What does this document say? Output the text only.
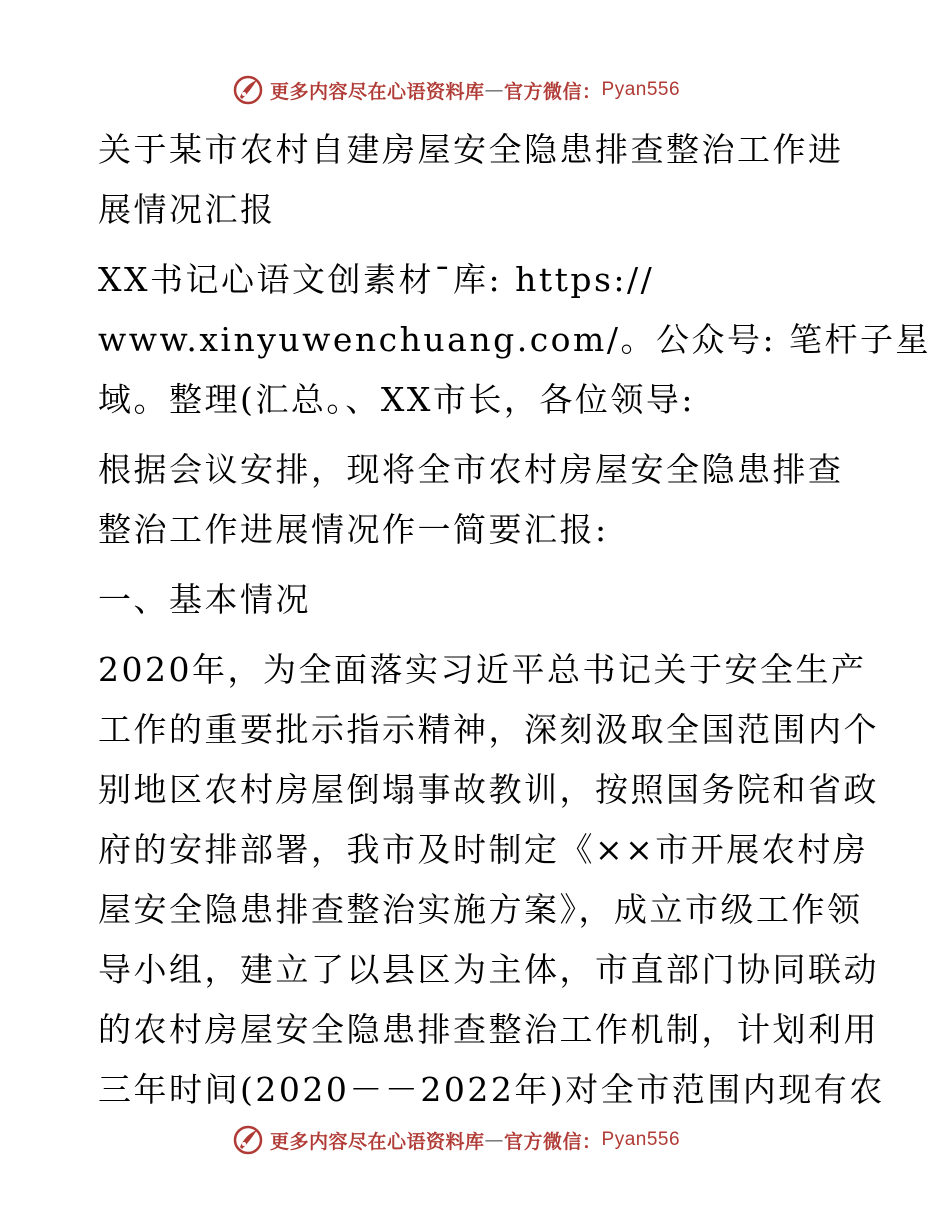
更多内容尽在心语资料库 — 官方微信： Pyan556
关于某市农村自建房屋安全隐患排查整治工作进
展情况汇报
XX书记心语文创素材¯库: https://
www.xinyuwenchuang.com/。公众号: 笔杆子星
域。整理(汇总。、XX市长，各位领导:
根据会议安排，现将全市农村房屋安全隐患排查
整治工作进展情况作一简要汇报:
一、基本情况
2020年，为全面落实习近平总书记关于安全生产
工作的重要批示指示精神，深刻汲取全国范围内个
别地区农村房屋倒塌事故教训，按照国务院和省政
府的安排部署，我市及时制定《××市开展农村房
屋安全隐患排查整治实施方案》，成立市级工作领
导小组，建立了以县区为主体，市直部门协同联动
的农村房屋安全隐患排查整治工作机制，计划利用
三年时间(2020－－2022年)对全市范围内现有农
更多内容尽在心语资料库 — 官方微信： Pyan556
